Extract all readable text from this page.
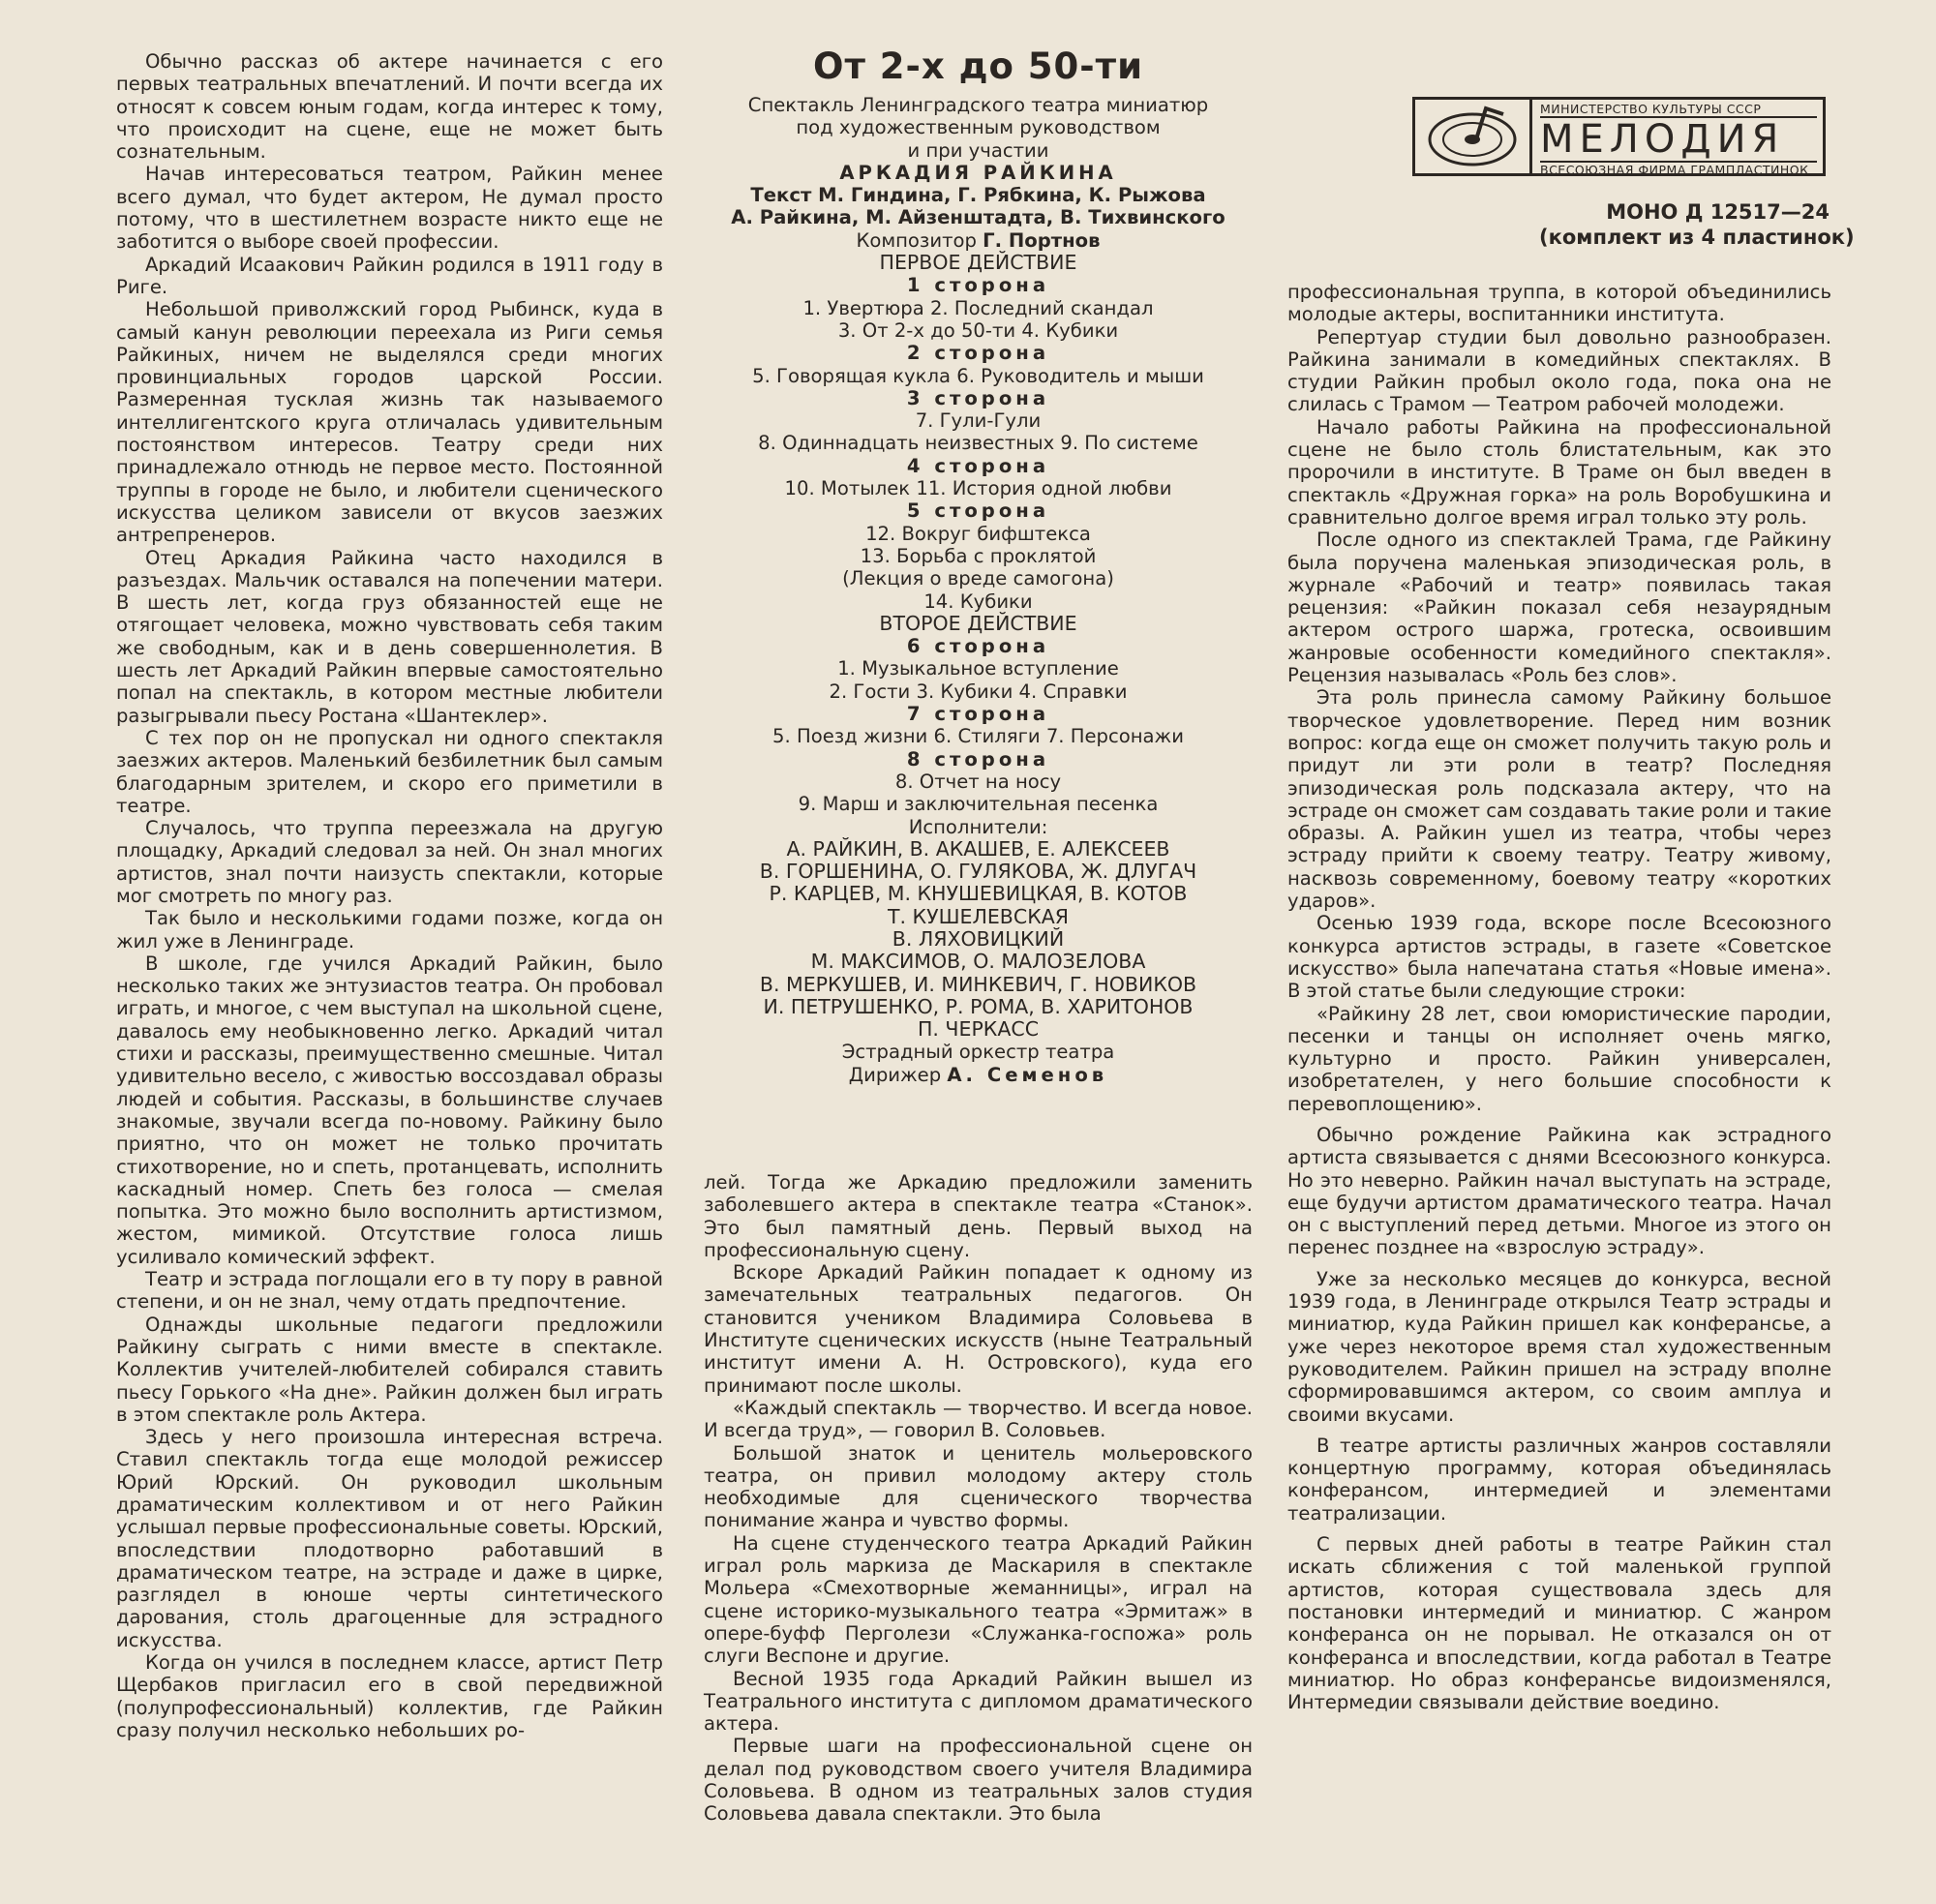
Обычно рассказ об актере начинается с его первых театральных впечатлений. И почти всегда их относят к совсем юным годам, когда интерес к тому, что происходит на сцене, еще не может быть сознательным.

Начав интересоваться театром, Райкин менее всего думал, что будет актером, Не думал просто потому, что в шестилетнем возрасте никто еще не заботится о выборе своей профессии.

Аркадий Исаакович Райкин родился в 1911 году в Риге.

Небольшой приволжский город Рыбинск, куда в самый канун революции переехала из Риги семья Райкиных, ничем не выделялся среди многих провинциальных городов царской России. Размеренная тусклая жизнь так называемого интеллигентского круга отличалась удивительным постоянством интересов. Театру среди них принадлежало отнюдь не первое место. Постоянной труппы в городе не было, и любители сценического искусства целиком зависели от вкусов заезжих антрепренеров.

Отец Аркадия Райкина часто находился в разъездах. Мальчик оставался на попечении матери. В шесть лет, когда груз обязанностей еще не отягощает человека, можно чувствовать себя таким же свободным, как и в день совершеннолетия. В шесть лет Аркадий Райкин впервые самостоятельно попал на спектакль, в котором местные любители разыгрывали пьесу Ростана «Шантеклер».

С тех пор он не пропускал ни одного спектакля заезжих актеров. Маленький безбилетник был самым благодарным зрителем, и скоро его приметили в театре.

Случалось, что труппа переезжала на другую площадку, Аркадий следовал за ней. Он знал многих артистов, знал почти наизусть спектакли, которые мог смотреть по многу раз.

Так было и несколькими годами позже, когда он жил уже в Ленинграде.

В школе, где учился Аркадий Райкин, было несколько таких же энтузиастов театра. Он пробовал играть, и многое, с чем выступал на школьной сцене, давалось ему необыкновенно легко. Аркадий читал стихи и рассказы, преимущественно смешные. Читал удивительно весело, с живостью воссоздавал образы людей и события. Рассказы, в большинстве случаев знакомые, звучали всегда по-новому. Райкину было приятно, что он может не только прочитать стихотворение, но и спеть, протанцевать, исполнить каскадный номер. Спеть без голоса — смелая попытка. Это можно было восполнить артистизмом, жестом, мимикой. Отсутствие голоса лишь усиливало комический эффект.

Театр и эстрада поглощали его в ту пору в равной степени, и он не знал, чему отдать предпочтение.

Однажды школьные педагоги предложили Райкину сыграть с ними вместе в спектакле. Коллектив учителей-любителей собирался ставить пьесу Горького «На дне». Райкин должен был играть в этом спектакле роль Актера.

Здесь у него произошла интересная встреча. Ставил спектакль тогда еще молодой режиссер Юрий Юрский. Он руководил школьным драматическим коллективом и от него Райкин услышал первые профессиональные советы. Юрский, впоследствии плодотворно работавший в драматическом театре, на эстраде и даже в цирке, разглядел в юноше черты синтетического дарования, столь драгоценные для эстрадного искусства.

Когда он учился в последнем классе, артист Петр Щербаков пригласил его в свой передвижной (полупрофессиональный) коллектив, где Райкин сразу получил несколько небольших ро-

От 2-х до 50-ти
Спектакль Ленинградского театра миниатюр
под художественным руководством
и при участии
АРКАДИЯ РАЙКИНА
Текст М. Гиндина, Г. Рябкина, К. Рыжова
А. Райкина, М. Айзенштадта, В. Тихвинского
Композитор Г. Портнов
ПЕРВОЕ ДЕЙСТВИЕ
1 сторона
1. Увертюра 2. Последний скандал
3. От 2-х до 50-ти 4. Кубики
2 сторона
5. Говорящая кукла 6. Руководитель и мыши
3 сторона
7. Гули-Гули
8. Одиннадцать неизвестных 9. По системе
4 сторона
10. Мотылек 11. История одной любви
5 сторона
12. Вокруг бифштекса
13. Борьба с проклятой
(Лекция о вреде самогона)
14. Кубики
ВТОРОЕ ДЕЙСТВИЕ
6 сторона
1. Музыкальное вступление
2. Гости 3. Кубики 4. Справки
7 сторона
5. Поезд жизни 6. Стиляги 7. Персонажи
8 сторона
8. Отчет на носу
9. Марш и заключительная песенка
Исполнители:
А. РАЙКИН, В. АКАШЕВ, Е. АЛЕКСЕЕВ
В. ГОРШЕНИНА, О. ГУЛЯКОВА, Ж. ДЛУГАЧ
Р. КАРЦЕВ, М. КНУШЕВИЦКАЯ, В. КОТОВ
Т. КУШЕЛЕВСКАЯ
В. ЛЯХОВИЦКИЙ
М. МАКСИМОВ, О. МАЛОЗЕЛОВА
В. МЕРКУШЕВ, И. МИНКЕВИЧ, Г. НОВИКОВ
И. ПЕТРУШЕНКО, Р. РОМА, В. ХАРИТОНОВ
П. ЧЕРКАСС
Эстрадный оркестр театра
Дирижер А. Семенов
МИНИСТЕРСТВО КУЛЬТУРЫ СССР
МЕЛОДИЯ
ВСЕСОЮЗНАЯ ФИРМА ГРАМПЛАСТИНОК
МОНО Д 12517—24
(комплект из 4 пластинок)

лей. Тогда же Аркадию предложили заменить заболевшего актера в спектакле театра «Станок». Это был памятный день. Первый выход на профессиональную сцену.

Вскоре Аркадий Райкин попадает к одному из замечательных театральных педагогов. Он становится учеником Владимира Соловьева в Институте сценических искусств (ныне Театральный институт имени А. Н. Островского), куда его принимают после школы.

«Каждый спектакль — творчество. И всегда новое. И всегда труд», — говорил В. Соловьев.

Большой знаток и ценитель мольеровского театра, он привил молодому актеру столь необходимые для сценического творчества понимание жанра и чувство формы.

На сцене студенческого театра Аркадий Райкин играл роль маркиза де Маскариля в спектакле Мольера «Смехотворные жеманницы», играл на сцене историко-музыкального театра «Эрмитаж» в опере-буфф Перголези «Служанка-госпожа» роль слуги Веспоне и другие.

Весной 1935 года Аркадий Райкин вышел из Театрального института с дипломом драматического актера.

Первые шаги на профессиональной сцене он делал под руководством своего учителя Владимира Соловьева. В одном из театральных залов студия Соловьева давала спектакли. Это была

профессиональная труппа, в которой объединились молодые актеры, воспитанники института.

Репертуар студии был довольно разнообразен. Райкина занимали в комедийных спектаклях. В студии Райкин пробыл около года, пока она не слилась с Трамом — Театром рабочей молодежи.

Начало работы Райкина на профессиональной сцене не было столь блистательным, как это пророчили в институте. В Траме он был введен в спектакль «Дружная горка» на роль Воробушкина и сравнительно долгое время играл только эту роль.

После одного из спектаклей Трама, где Райкину была поручена маленькая эпизодическая роль, в журнале «Рабочий и театр» появилась такая рецензия: «Райкин показал себя незаурядным актером острого шаржа, гротеска, освоившим жанровые особенности комедийного спектакля». Рецензия называлась «Роль без слов».

Эта роль принесла самому Райкину большое творческое удовлетворение. Перед ним возник вопрос: когда еще он сможет получить такую роль и придут ли эти роли в театр? Последняя эпизодическая роль подсказала актеру, что на эстраде он сможет сам создавать такие роли и такие образы. А. Райкин ушел из театра, чтобы через эстраду прийти к своему театру. Театру живому, насквозь современному, боевому театру «коротких ударов».

Осенью 1939 года, вскоре после Всесоюзного конкурса артистов эстрады, в газете «Советское искусство» была напечатана статья «Новые имена». В этой статье были следующие строки:

«Райкину 28 лет, свои юмористические пародии, песенки и танцы он исполняет очень мягко, культурно и просто. Райкин универсален, изобретателен, у него большие способности к перевоплощению».

Обычно рождение Райкина как эстрадного артиста связывается с днями Всесоюзного конкурса. Но это неверно. Райкин начал выступать на эстраде, еще будучи артистом драматического театра. Начал он с выступлений перед детьми. Многое из этого он перенес позднее на «взрослую эстраду».

Уже за несколько месяцев до конкурса, весной 1939 года, в Ленинграде открылся Театр эстрады и миниатюр, куда Райкин пришел как конферансье, а уже через некоторое время стал художественным руководителем. Райкин пришел на эстраду вполне сформировавшимся актером, со своим амплуа и своими вкусами.

В театре артисты различных жанров составляли концертную программу, которая объединялась конферансом, интермедией и элементами театрализации.

С первых дней работы в театре Райкин стал искать сближения с той маленькой группой артистов, которая существовала здесь для постановки интермедий и миниатюр. С жанром конферанса он не порывал. Не отказался он от конферанса и впоследствии, когда работал в Театре миниатюр. Но образ конферансье видоизменялся, Интермедии связывали действие воедино.
